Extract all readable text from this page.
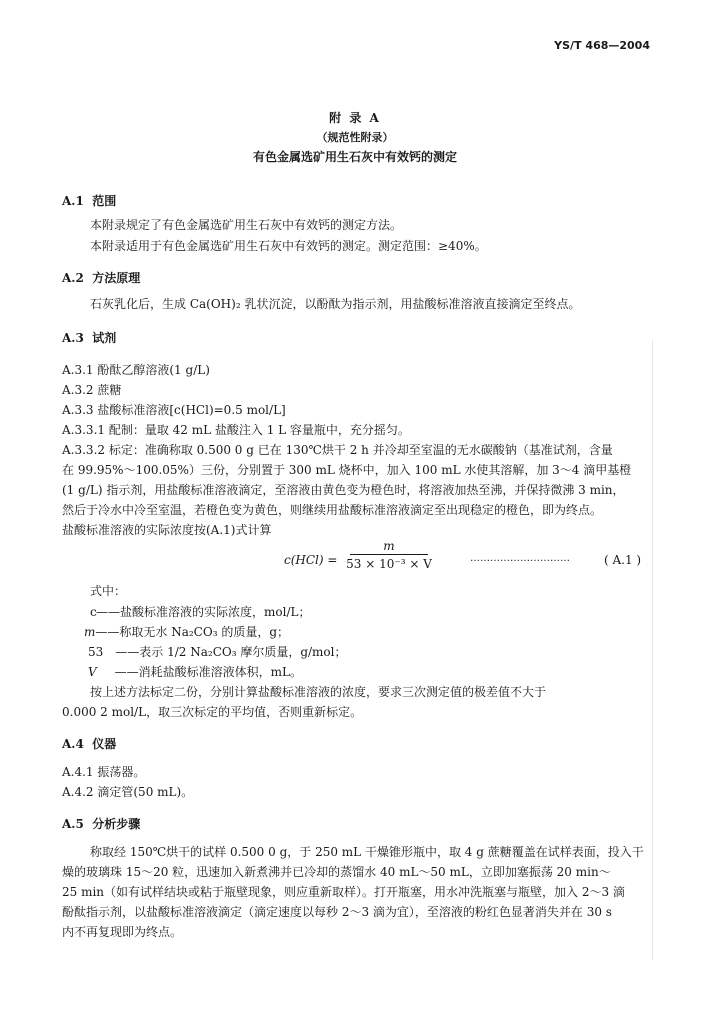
YS/T 468—2004
附 录 A
（规范性附录）
有色金属选矿用生石灰中有效钙的测定
A.1 范围
本附录规定了有色金属选矿用生石灰中有效钙的测定方法。
本附录适用于有色金属选矿用生石灰中有效钙的测定。测定范围：≥40%。
A.2 方法原理
石灰乳化后，生成 Ca(OH)₂ 乳状沉淀，以酚酞为指示剂，用盐酸标准溶液直接滴定至终点。
A.3 试剂
A.3.1 酚酞乙醇溶液(1 g/L)
A.3.2 蔗糖
A.3.3 盐酸标准溶液[c(HCl)=0.5 mol/L]
A.3.3.1 配制：量取 42 mL 盐酸注入 1 L 容量瓶中，充分摇匀。
A.3.3.2 标定：准确称取 0.500 0 g 已在 130℃烘干 2 h 并冷却至室温的无水碳酸钠（基准试剂，含量
在 99.95%～100.05%）三份，分别置于 300 mL 烧杯中，加入 100 mL 水使其溶解，加 3～4 滴甲基橙
(1 g/L) 指示剂，用盐酸标准溶液滴定，至溶液由黄色变为橙色时，将溶液加热至沸，并保持微沸 3 min，
然后于冷水中冷至室温，若橙色变为黄色，则继续用盐酸标准溶液滴定至出现稳定的橙色，即为终点。
盐酸标准溶液的实际浓度按(A.1)式计算
c(HCl) =
m
53 × 10⁻³ × V	…………………………	( A.1 )
式中：
c——盐酸标准溶液的实际浓度，mol/L；
m——称取无水 Na₂CO₃ 的质量，g；
53 ——表示 1/2 Na₂CO₃ 摩尔质量，g/mol；
V ——消耗盐酸标准溶液体积，mL。
按上述方法标定二份，分别计算盐酸标准溶液的浓度，要求三次测定值的极差值不大于
0.000 2 mol/L，取三次标定的平均值，否则重新标定。
A.4 仪器
A.4.1 振荡器。
A.4.2 滴定管(50 mL)。
A.5 分析步骤
称取经 150℃烘干的试样 0.500 0 g，于 250 mL 干燥锥形瓶中，取 4 g 蔗糖覆盖在试样表面，投入干
燥的玻璃珠 15～20 粒，迅速加入新煮沸并已冷却的蒸馏水 40 mL～50 mL，立即加塞振荡 20 min～
25 min（如有试样结块或粘于瓶壁现象，则应重新取样）。打开瓶塞，用水冲洗瓶塞与瓶壁，加入 2～3 滴
酚酞指示剂，以盐酸标准溶液滴定（滴定速度以每秒 2～3 滴为宜），至溶液的粉红色显著消失并在 30 s
内不再复现即为终点。
